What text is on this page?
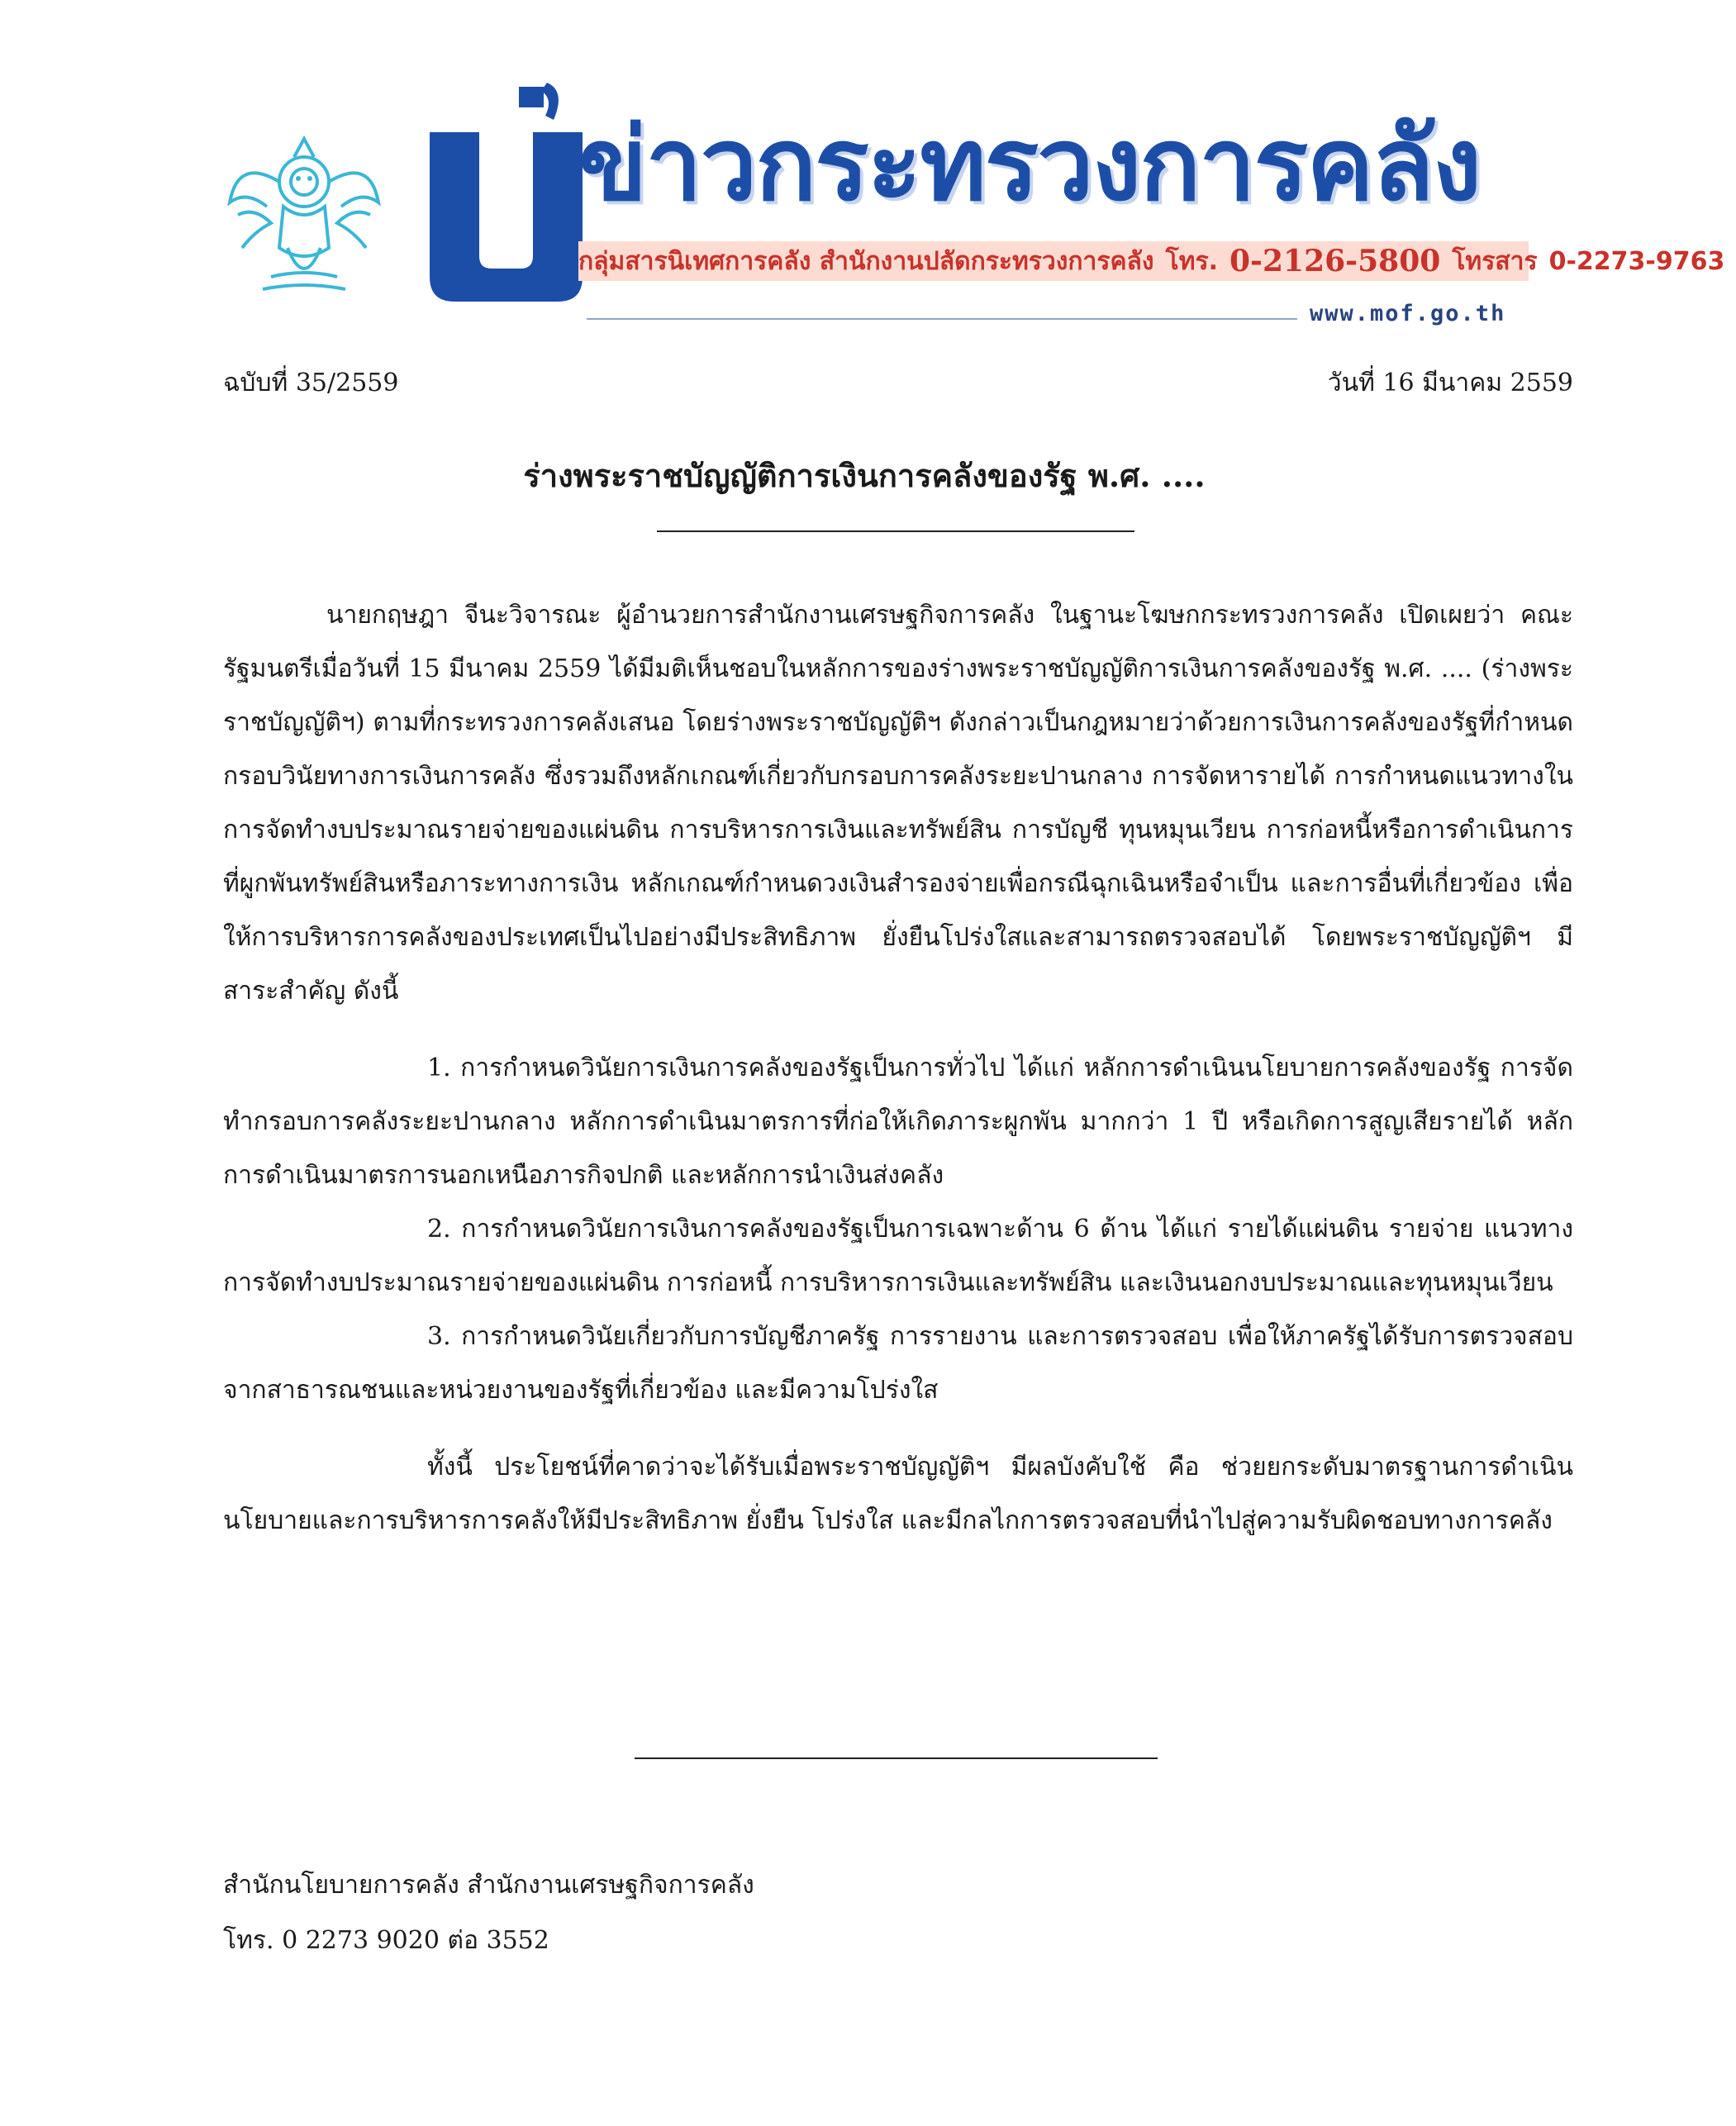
ข่าวกระทรวงการคลัง
กลุ่มสารนิเทศการคลัง สำนักงานปลัดกระทรวงการคลัง โทร. 0-2126-5800 โทรสาร 0-2273-9763
www.mof.go.th
ฉบับที่ 35/2559	วันที่ 16 มีนาคม 2559
ร่างพระราชบัญญัติการเงินการคลังของรัฐ พ.ศ. ....

นายกฤษฎา จีนะวิจารณะ ผู้อำนวยการสำนักงานเศรษฐกิจการคลัง ในฐานะโฆษกกระทรวงการคลัง เปิดเผยว่า คณะรัฐมนตรีเมื่อวันที่ 15 มีนาคม 2559 ได้มีมติเห็นชอบในหลักการของร่างพระราชบัญญัติการเงินการคลังของรัฐ พ.ศ. .... (ร่างพระราชบัญญัติฯ) ตามที่กระทรวงการคลังเสนอ โดยร่างพระราชบัญญัติฯ ดังกล่าวเป็นกฎหมายว่าด้วยการเงินการคลังของรัฐที่กำหนดกรอบวินัยทางการเงินการคลัง ซึ่งรวมถึงหลักเกณฑ์เกี่ยวกับกรอบการคลังระยะปานกลาง การจัดหารายได้ การกำหนดแนวทางในการจัดทำงบประมาณรายจ่ายของแผ่นดิน การบริหารการเงินและทรัพย์สิน การบัญชี ทุนหมุนเวียน การก่อหนี้หรือการดำเนินการที่ผูกพันทรัพย์สินหรือภาระทางการเงิน หลักเกณฑ์กำหนดวงเงินสำรองจ่ายเพื่อกรณีฉุกเฉินหรือจำเป็น และการอื่นที่เกี่ยวข้อง เพื่อให้การบริหารการคลังของประเทศเป็นไปอย่างมีประสิทธิภาพ ยั่งยืนโปร่งใสและสามารถตรวจสอบได้ โดยพระราชบัญญัติฯ มีสาระสำคัญ ดังนี้

1. การกำหนดวินัยการเงินการคลังของรัฐเป็นการทั่วไป ได้แก่ หลักการดำเนินนโยบายการคลังของรัฐ การจัดทำกรอบการคลังระยะปานกลาง หลักการดำเนินมาตรการที่ก่อให้เกิดภาระผูกพัน มากกว่า 1 ปี หรือเกิดการสูญเสียรายได้ หลักการดำเนินมาตรการนอกเหนือภารกิจปกติ และหลักการนำเงินส่งคลัง

2. การกำหนดวินัยการเงินการคลังของรัฐเป็นการเฉพาะด้าน 6 ด้าน ได้แก่ รายได้แผ่นดิน รายจ่าย แนวทางการจัดทำงบประมาณรายจ่ายของแผ่นดิน การก่อหนี้ การบริหารการเงินและทรัพย์สิน และเงินนอกงบประมาณและทุนหมุนเวียน

3. การกำหนดวินัยเกี่ยวกับการบัญชีภาครัฐ การรายงาน และการตรวจสอบ เพื่อให้ภาครัฐได้รับการตรวจสอบจากสาธารณชนและหน่วยงานของรัฐที่เกี่ยวข้อง และมีความโปร่งใส

ทั้งนี้ ประโยชน์ที่คาดว่าจะได้รับเมื่อพระราชบัญญัติฯ มีผลบังคับใช้ คือ ช่วยยกระดับมาตรฐานการดำเนินนโยบายและการบริหารการคลังให้มีประสิทธิภาพ ยั่งยืน โปร่งใส และมีกลไกการตรวจสอบที่นำไปสู่ความรับผิดชอบทางการคลัง

สำนักนโยบายการคลัง สำนักงานเศรษฐกิจการคลัง
โทร. 0 2273 9020 ต่อ 3552
